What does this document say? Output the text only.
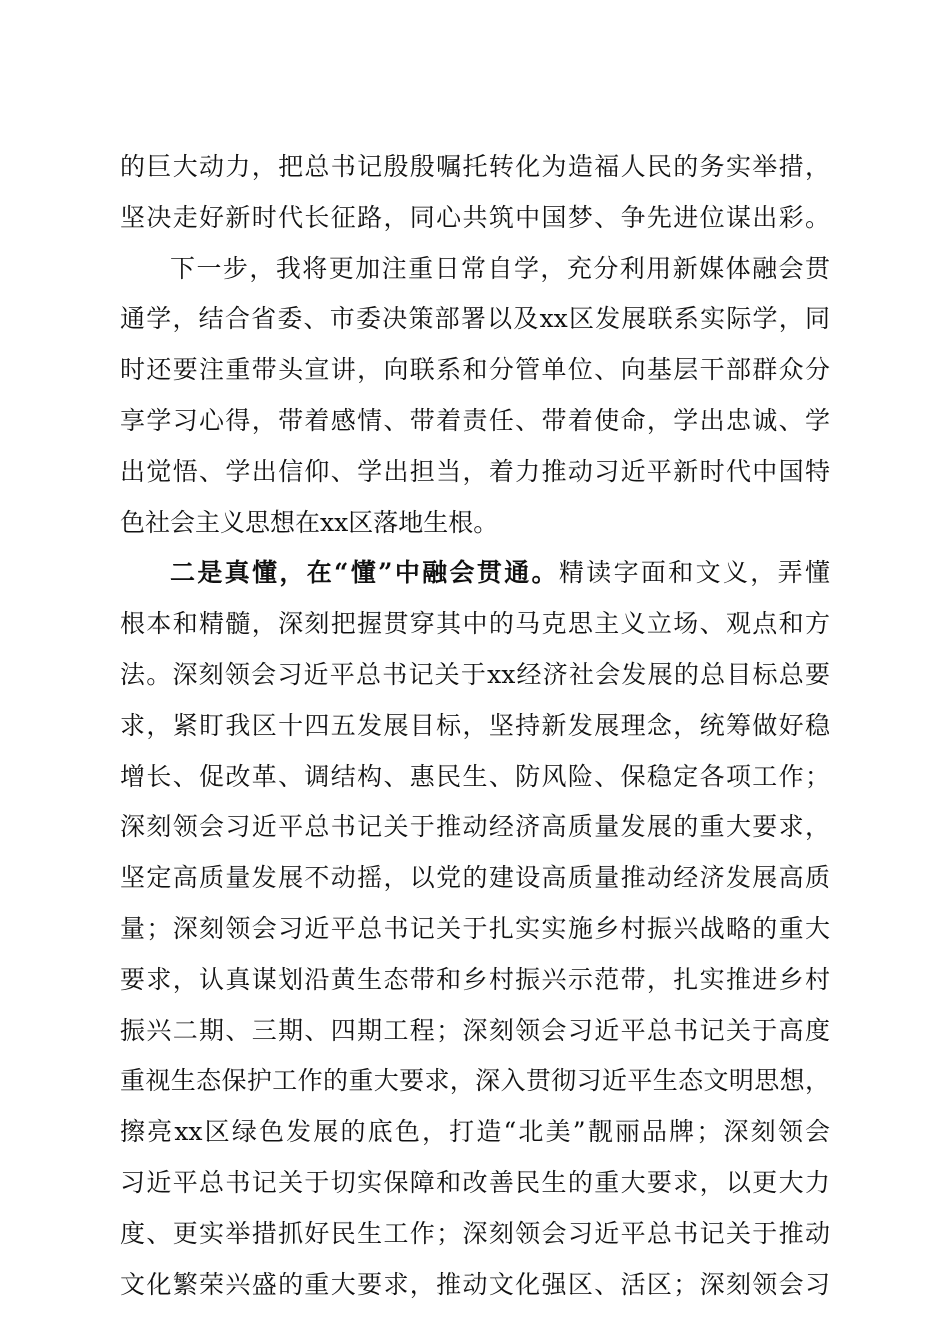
的巨大动力，把总书记殷殷嘱托转化为造福人民的务实举措，
坚决走好新时代长征路，同心共筑中国梦、争先进位谋出彩。
下一步，我将更加注重日常自学，充分利用新媒体融会贯
通学，结合省委、市委决策部署以及xx区发展联系实际学，同
时还要注重带头宣讲，向联系和分管单位、向基层干部群众分
享学习心得，带着感情、带着责任、带着使命，学出忠诚、学
出觉悟、学出信仰、学出担当，着力推动习近平新时代中国特
色社会主义思想在xx区落地生根。
二是真懂，在“懂”中融会贯通。精读字面和文义，弄懂
根本和精髓，深刻把握贯穿其中的马克思主义立场、观点和方
法。深刻领会习近平总书记关于xx经济社会发展的总目标总要
求，紧盯我区十四五发展目标，坚持新发展理念，统筹做好稳
增长、促改革、调结构、惠民生、防风险、保稳定各项工作；
深刻领会习近平总书记关于推动经济高质量发展的重大要求，
坚定高质量发展不动摇，以党的建设高质量推动经济发展高质
量；深刻领会习近平总书记关于扎实实施乡村振兴战略的重大
要求，认真谋划沿黄生态带和乡村振兴示范带，扎实推进乡村
振兴二期、三期、四期工程；深刻领会习近平总书记关于高度
重视生态保护工作的重大要求，深入贯彻习近平生态文明思想，
擦亮xx区绿色发展的底色，打造“北美”靓丽品牌；深刻领会
习近平总书记关于切实保障和改善民生的重大要求，以更大力
度、更实举措抓好民生工作；深刻领会习近平总书记关于推动
文化繁荣兴盛的重大要求，推动文化强区、活区；深刻领会习
